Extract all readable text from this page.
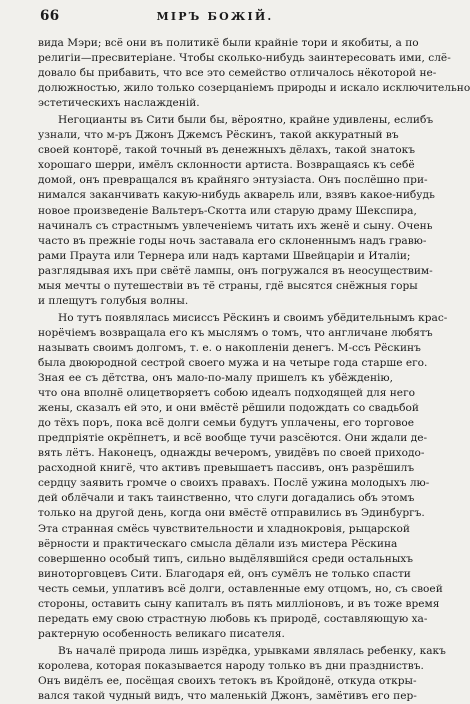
66	МIРЪ БОЖIЙ.
вида Мэри; всё они въ политикё были крайніе тори и якобиты, а по
религіи—пресвитеріане. Чтобы сколько-нибудь заинтересовать ими, слё-
довало бы прибавить, что все это семейство отличалось нёкоторой не-
долюжностью, жило только созерцаніемъ природы и искало исключительно
эстетическихъ наслажденій.
Негоцианты въ Сити были бы, вёроятно, крайне удивлены, еслибъ
узнали, что м-ръ Джонъ Джемсъ Рёскинъ, такой аккуратный въ
своей конторё, такой точный въ денежныхъ дёлахъ, такой знатокъ
хорошаго шерри, имёлъ склонности артиста. Возвращаясь къ себё
домой, онъ превращался въ крайняго энтузіаста. Онъ послёшно при-
нимался заканчивать какую-нибудь акварель или, взявъ какое-нибудь
новое произведеніе Вальтеръ-Скотта или старую драму Шекспира,
начиналъ съ страстнымъ увлеченіемъ читать ихъ женё и сыну. Очень
часто въ прежніе годы ночь заставала его склоненнымъ надъ гравю-
рами Праута или Тернера или надъ картами Швейцаріи и Италіи;
разглядывая ихъ при свётё лампы, онъ погружался въ неосуществим-
мыя мечты о путешествіи въ тё страны, гдё высятся снёжныя горы
и плещутъ голубыя волны.
Но тутъ появлялась мисиссъ Рёскинъ и своимъ убёдительнымъ крас-
норёчіемъ возвращала его къ мыслямъ о томъ, что англичане любятъ
называть своимъ долгомъ, т. е. о накопленіи денегъ. М-ссъ Рёскинъ
была двоюродной сестрой своего мужа и на четыре года старше его.
Зная ее съ дётства, онъ мало-по-малу пришелъ къ убёжденію,
что она вполнё олицетворяетъ собою идеалъ подходящей для него
жены, сказалъ ей это, и они вмёстё рёшили подождать со свадьбой
до тёхъ поръ, пока всё долги семьи будутъ уплачены, его торговое
предпріятіе окрёпнетъ, и всё вообще тучи разсёются. Они ждали де-
вять лётъ. Наконецъ, однажды вечеромъ, увидёвъ по своей приходо-
расходной книгё, что активъ превышаетъ пассивъ, онъ разрёшилъ
сердцу заявить громче о своихъ правахъ. Послё ужина молодыхъ лю-
дей облёчали и такъ таинственно, что слуги догадались объ этомъ
только на другой день, когда они вмёстё отправились въ Эдинбургъ.
Эта странная смёсь чувствительности и хладнокровія, рыцарской
вёрности и практическаго смысла дёлали изъ мистера Рёскина
совершенно особый типъ, сильно выдёлявшійся среди остальныхъ
виноторговцевъ Сити. Благодаря ей, онъ сумёлъ не только спасти
честь семьи, уплативъ всё долги, оставленные ему отцомъ, но, съ своей
стороны, оставить сыну капиталъ въ пять милліоновъ, и въ тоже время
передать ему свою страстную любовь къ природё, составляющую ха-
рактерную особенность великаго писателя.
Въ началё природа лишь изрёдка, урывками являлась ребенку, какъ
королева, которая показывается народу только въ дни праздниствъ.
Онъ видёлъ ее, посёщая своихъ тетокъ въ Кройдонё, откуда откры-
вался такой чудный видъ, что маленькій Джонъ, замётивъ его пер-
